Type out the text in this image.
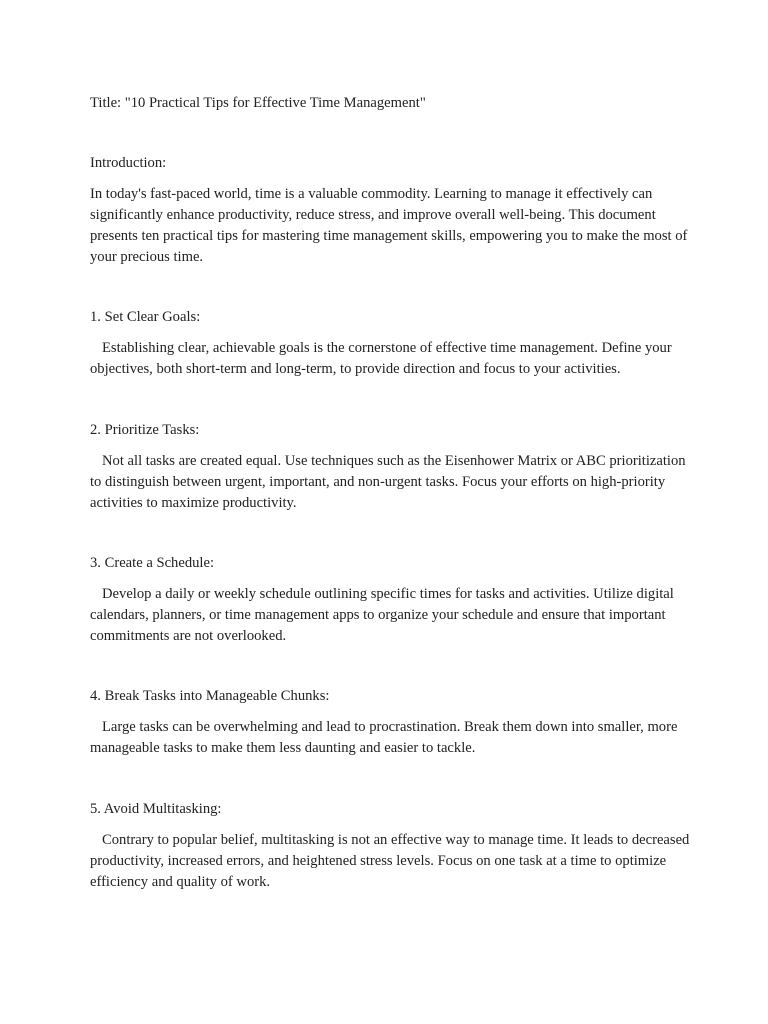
Title: "10 Practical Tips for Effective Time Management"
Introduction:

In today's fast-paced world, time is a valuable commodity. Learning to manage it effectively can significantly enhance productivity, reduce stress, and improve overall well-being. This document presents ten practical tips for mastering time management skills, empowering you to make the most of your precious time.

1. Set Clear Goals:

Establishing clear, achievable goals is the cornerstone of effective time management. Define your objectives, both short-term and long-term, to provide direction and focus to your activities.

2. Prioritize Tasks:

Not all tasks are created equal. Use techniques such as the Eisenhower Matrix or ABC prioritization to distinguish between urgent, important, and non-urgent tasks. Focus your efforts on high-priority activities to maximize productivity.

3. Create a Schedule:

Develop a daily or weekly schedule outlining specific times for tasks and activities. Utilize digital calendars, planners, or time management apps to organize your schedule and ensure that important commitments are not overlooked.

4. Break Tasks into Manageable Chunks:

Large tasks can be overwhelming and lead to procrastination. Break them down into smaller, more manageable tasks to make them less daunting and easier to tackle.

5. Avoid Multitasking:

Contrary to popular belief, multitasking is not an effective way to manage time. It leads to decreased productivity, increased errors, and heightened stress levels. Focus on one task at a time to optimize efficiency and quality of work.
